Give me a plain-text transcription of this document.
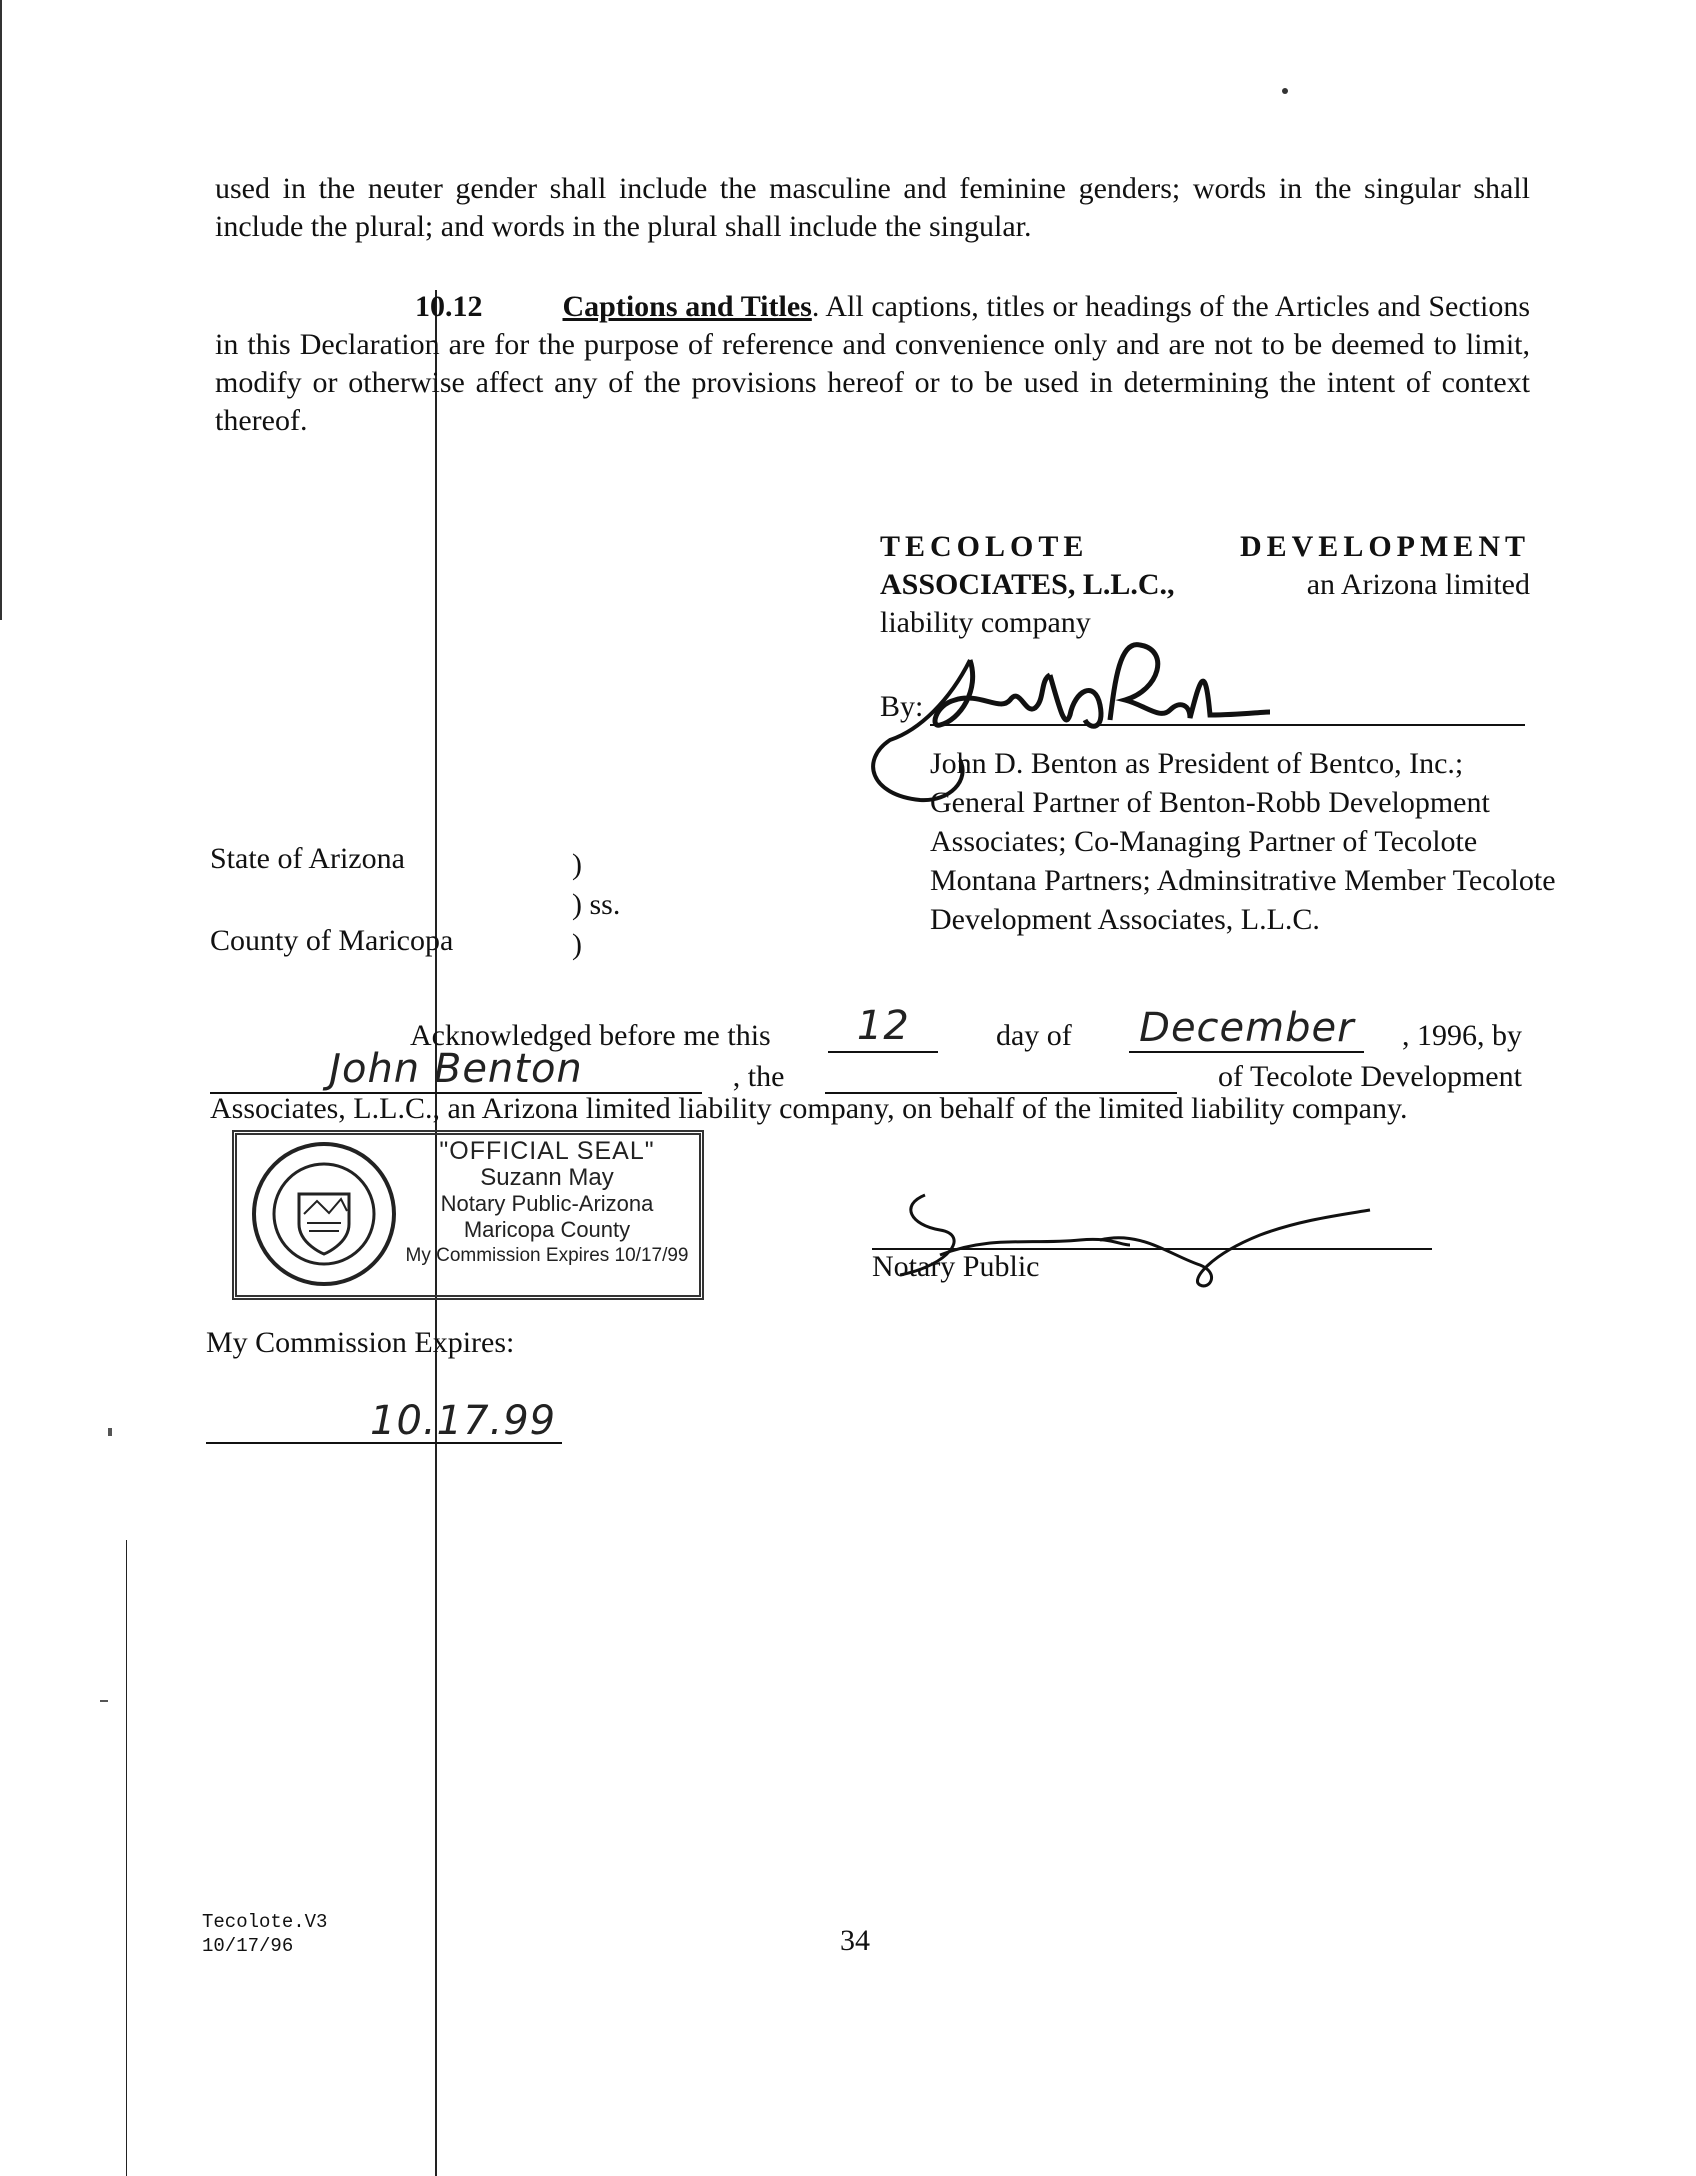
used in the neuter gender shall include the masculine and feminine genders; words in the singular shall include the plural; and words in the plural shall include the singular.
10.12	Captions and Titles. All captions, titles or headings of the Articles and Sections in this Declaration are for the purpose of reference and convenience only and are not to be deemed to limit, modify or otherwise affect any of the provisions hereof or to be used in determining the intent of context thereof.
TECOLOTE	DEVELOPMENT
ASSOCIATES, L.L.C.,	an Arizona limited
liability company
By:
John D. Benton as President of Bentco, Inc.;
General Partner of Benton-Robb Development
Associates; Co-Managing Partner of Tecolote
Montana Partners; Adminsitrative Member Tecolote
Development Associates, L.L.C.
State of Arizona
County of Maricopa
)
) ss.
)
Acknowledged before me this	12	day of December	, 1996, by
John Benton	, the
	of Tecolote Development
Associates, L.L.C., an Arizona limited liability company, on behalf of the limited liability company.
"OFFICIAL SEAL"
Suzann May
Notary Public-Arizona
Maricopa County
My Commission Expires 10/17/99	Notary Public
My Commission Expires:
10.17.99
Tecolote.V3
10/17/96	34
